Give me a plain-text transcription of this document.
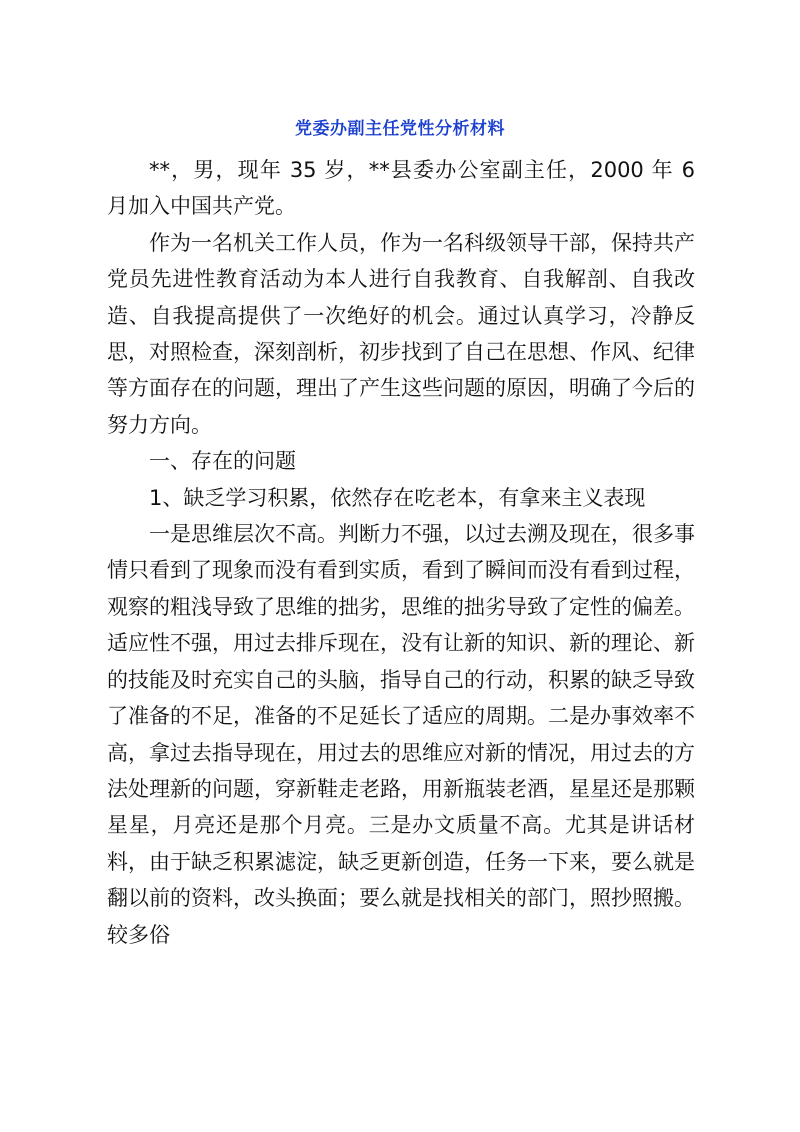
党委办副主任党性分析材料

**，男，现年 35 岁，**县委办公室副主任，2000 年 6 月加入中国共产党。

作为一名机关工作人员，作为一名科级领导干部，保持共产党员先进性教育活动为本人进行自我教育、自我解剖、自我改造、自我提高提供了一次绝好的机会。通过认真学习，冷静反思，对照检查，深刻剖析，初步找到了自己在思想、作风、纪律等方面存在的问题，理出了产生这些问题的原因，明确了今后的努力方向。

一、存在的问题

1、缺乏学习积累，依然存在吃老本，有拿来主义表现

一是思维层次不高。判断力不强，以过去溯及现在，很多事情只看到了现象而没有看到实质，看到了瞬间而没有看到过程，观察的粗浅导致了思维的拙劣，思维的拙劣导致了定性的偏差。适应性不强，用过去排斥现在，没有让新的知识、新的理论、新的技能及时充实自己的头脑，指导自己的行动，积累的缺乏导致了准备的不足，准备的不足延长了适应的周期。二是办事效率不高，拿过去指导现在，用过去的思维应对新的情况，用过去的方法处理新的问题，穿新鞋走老路，用新瓶装老酒，星星还是那颗星星，月亮还是那个月亮。三是办文质量不高。尤其是讲话材料，由于缺乏积累滤淀，缺乏更新创造，任务一下来，要么就是翻以前的资料，改头换面；要么就是找相关的部门，照抄照搬。较多俗
